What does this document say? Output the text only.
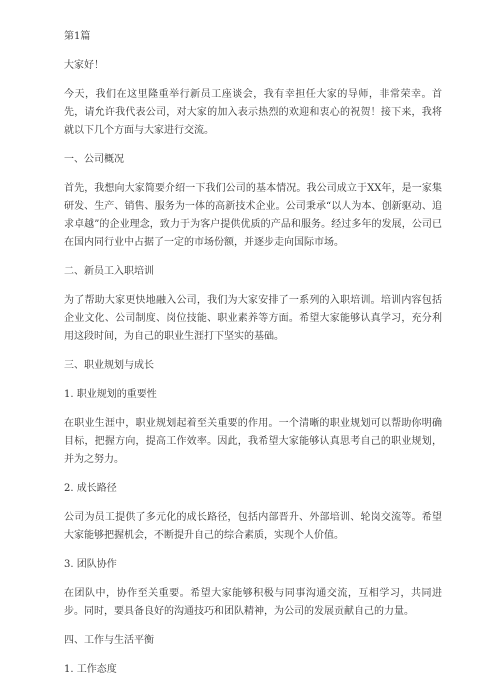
第1篇

大家好！

今天，我们在这里隆重举行新员工座谈会，我有幸担任大家的导师，非常荣幸。首先，请允许我代表公司，对大家的加入表示热烈的欢迎和衷心的祝贺！接下来，我将就以下几个方面与大家进行交流。

一、公司概况

首先，我想向大家简要介绍一下我们公司的基本情况。我公司成立于XX年，是一家集研发、生产、销售、服务为一体的高新技术企业。公司秉承“以人为本、创新驱动、追求卓越”的企业理念，致力于为客户提供优质的产品和服务。经过多年的发展，公司已在国内同行业中占据了一定的市场份额，并逐步走向国际市场。

二、新员工入职培训

为了帮助大家更快地融入公司，我们为大家安排了一系列的入职培训。培训内容包括企业文化、公司制度、岗位技能、职业素养等方面。希望大家能够认真学习，充分利用这段时间，为自己的职业生涯打下坚实的基础。

三、职业规划与成长

1. 职业规划的重要性

在职业生涯中，职业规划起着至关重要的作用。一个清晰的职业规划可以帮助你明确目标，把握方向，提高工作效率。因此，我希望大家能够认真思考自己的职业规划，并为之努力。

2. 成长路径

公司为员工提供了多元化的成长路径，包括内部晋升、外部培训、轮岗交流等。希望大家能够把握机会，不断提升自己的综合素质，实现个人价值。

3. 团队协作

在团队中，协作至关重要。希望大家能够积极与同事沟通交流，互相学习，共同进步。同时，要具备良好的沟通技巧和团队精神，为公司的发展贡献自己的力量。

四、工作与生活平衡

1. 工作态度
